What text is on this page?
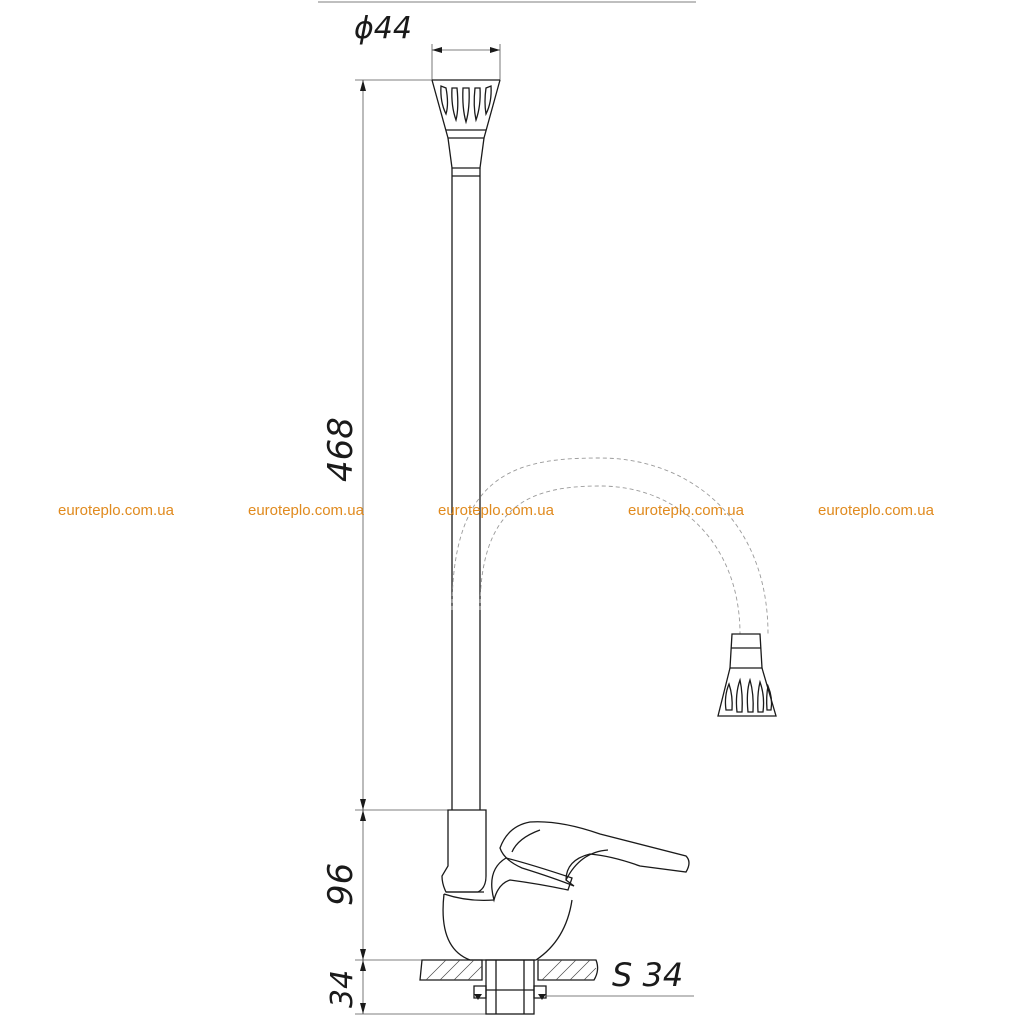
ϕ44
468
96
34	S 34
euroteplo.com.ua	euroteplo.com.ua	euroteplo.com.ua	euroteplo.com.ua	euroteplo.com.ua
